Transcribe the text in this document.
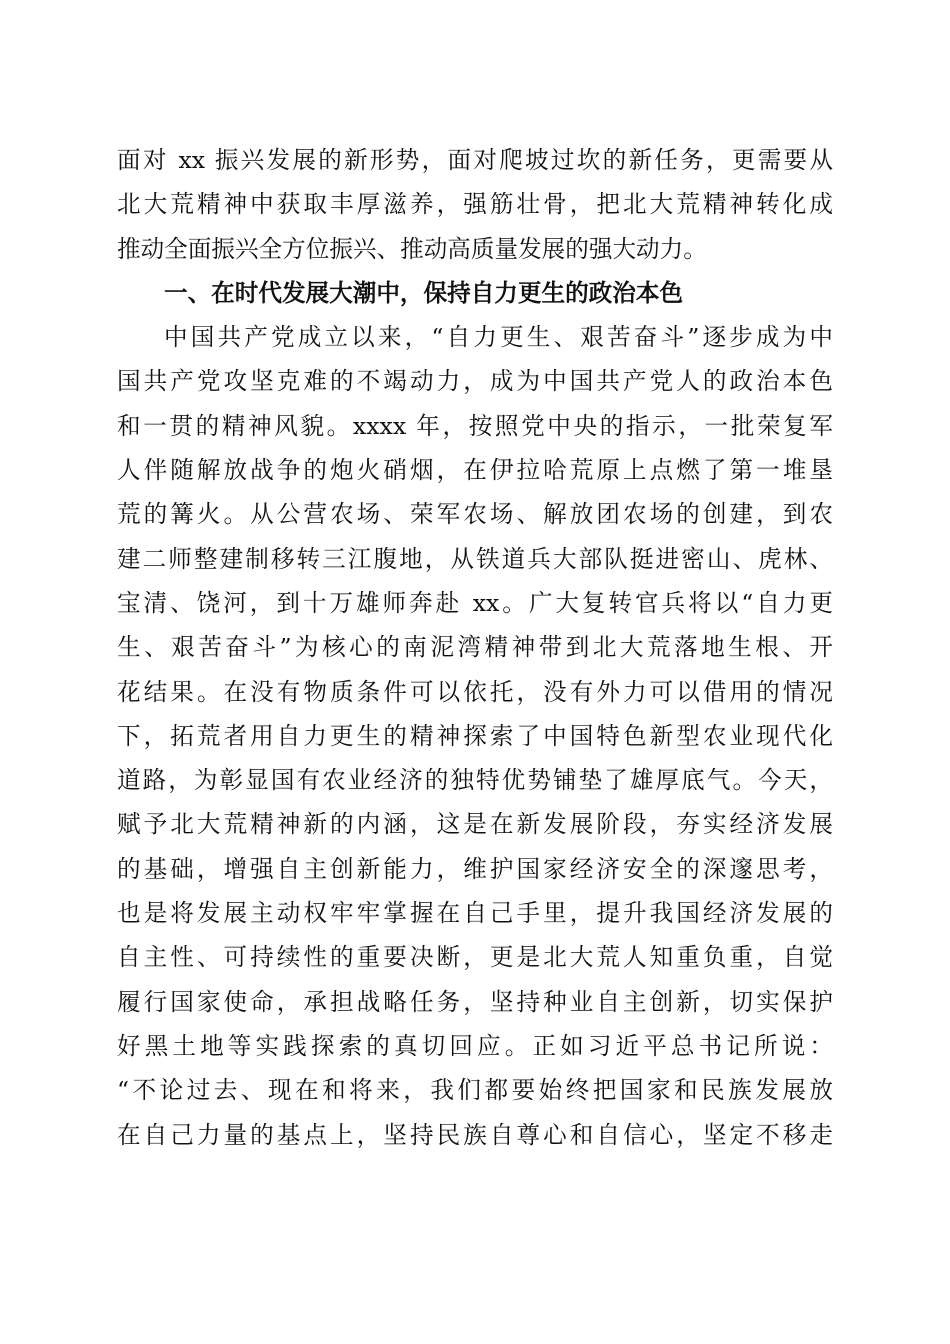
面对 xx 振兴发展的新形势，面对爬坡过坎的新任务，更需要从
北大荒精神中获取丰厚滋养，强筋壮骨，把北大荒精神转化成
推动全面振兴全方位振兴、推动高质量发展的强大动力。
一、在时代发展大潮中，保持自力更生的政治本色
中国共产党成立以来，“自力更生、艰苦奋斗”逐步成为中
国共产党攻坚克难的不竭动力，成为中国共产党人的政治本色
和一贯的精神风貌。xxxx 年，按照党中央的指示，一批荣复军
人伴随解放战争的炮火硝烟，在伊拉哈荒原上点燃了第一堆垦
荒的篝火。从公营农场、荣军农场、解放团农场的创建，到农
建二师整建制移转三江腹地，从铁道兵大部队挺进密山、虎林、
宝清、饶河，到十万雄师奔赴 xx。广大复转官兵将以“自力更
生、艰苦奋斗”为核心的南泥湾精神带到北大荒落地生根、开
花结果。在没有物质条件可以依托，没有外力可以借用的情况
下，拓荒者用自力更生的精神探索了中国特色新型农业现代化
道路，为彰显国有农业经济的独特优势铺垫了雄厚底气。今天，
赋予北大荒精神新的内涵，这是在新发展阶段，夯实经济发展
的基础，增强自主创新能力，维护国家经济安全的深邃思考，
也是将发展主动权牢牢掌握在自己手里，提升我国经济发展的
自主性、可持续性的重要决断，更是北大荒人知重负重，自觉
履行国家使命，承担战略任务，坚持种业自主创新，切实保护
好黑土地等实践探索的真切回应。正如习近平总书记所说：
“不论过去、现在和将来，我们都要始终把国家和民族发展放
在自己力量的基点上，坚持民族自尊心和自信心，坚定不移走
